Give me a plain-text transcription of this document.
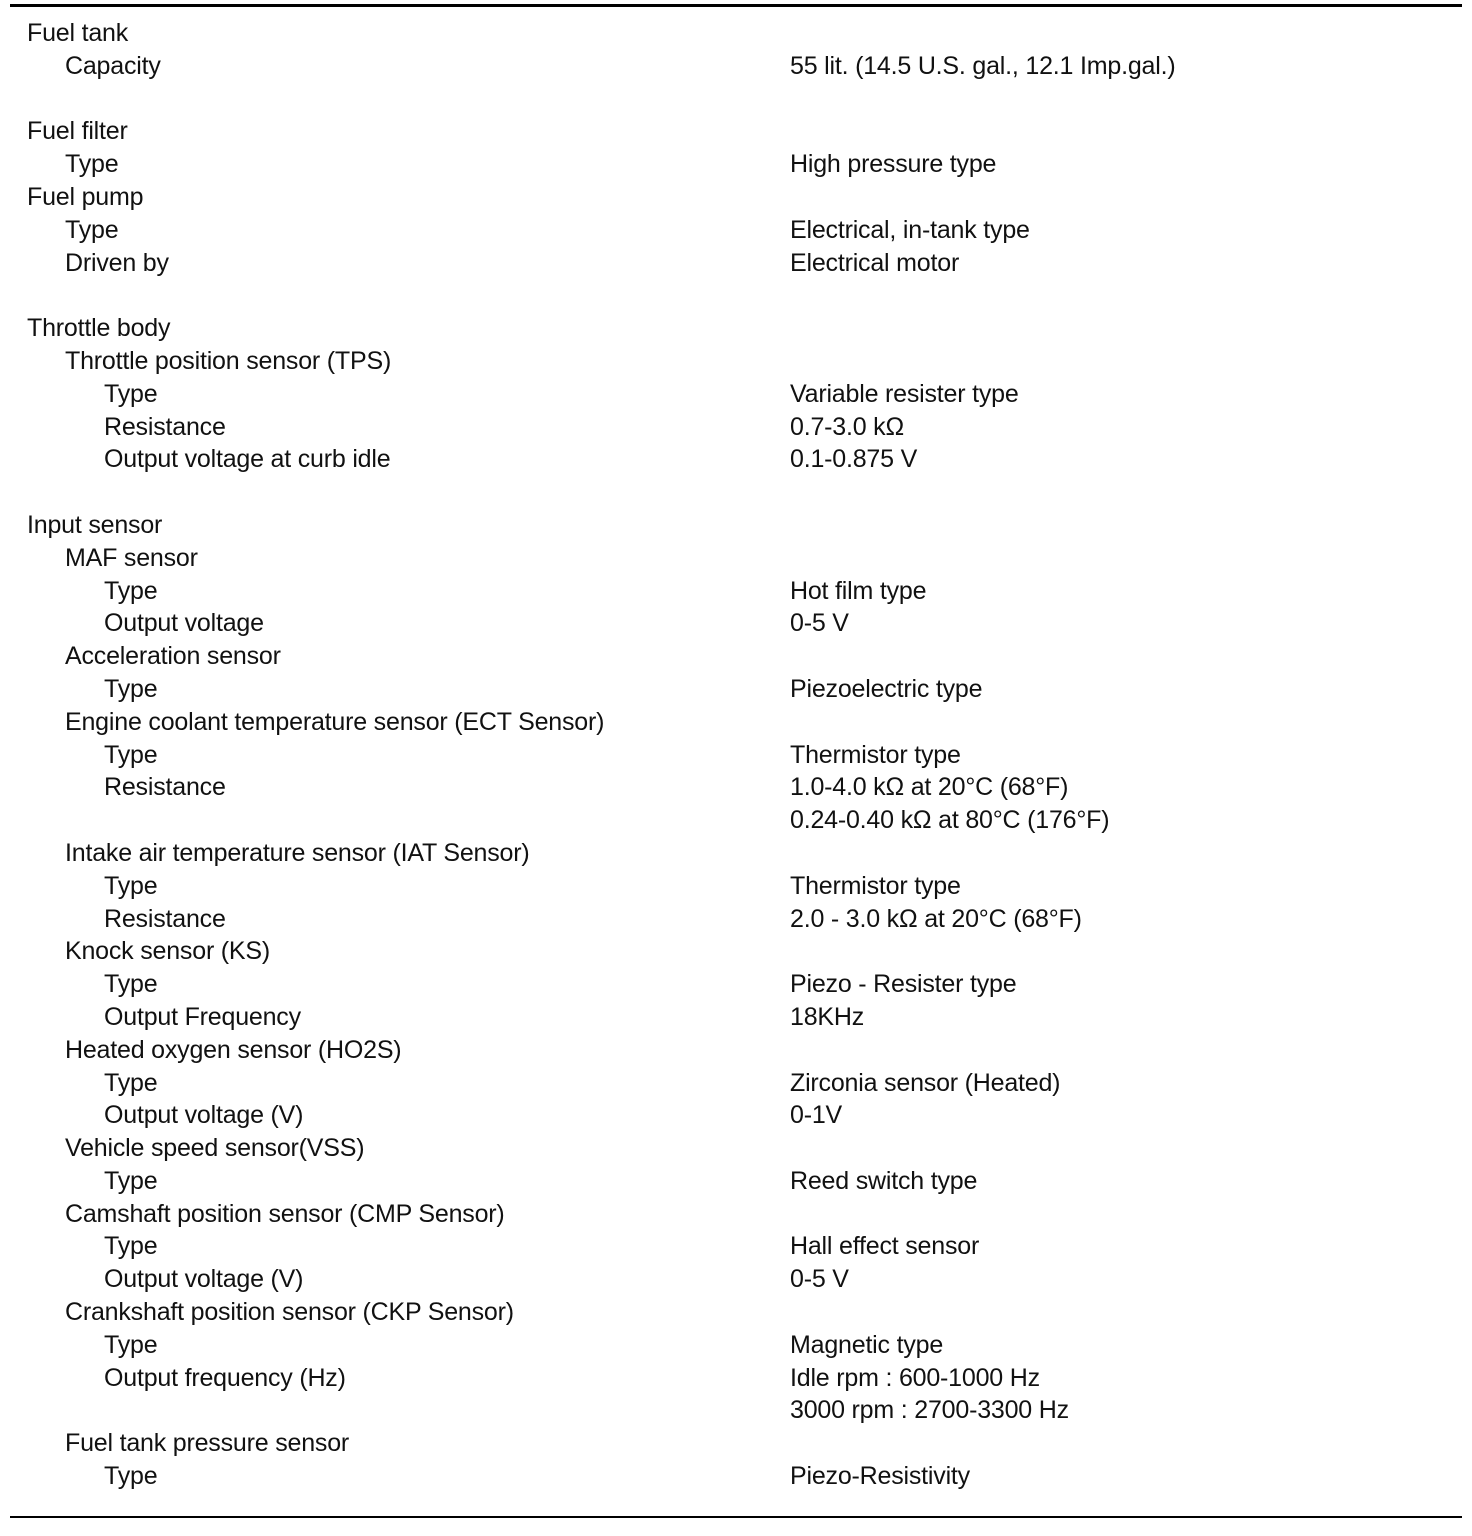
Fuel tank
Capacity	55 lit. (14.5 U.S. gal., 12.1 Imp.gal.)
Fuel filter
Type	High pressure type
Fuel pump
Type	Electrical, in-tank type
Driven by	Electrical motor
Throttle body
Throttle position sensor (TPS)
Type	Variable resister type
Resistance	0.7-3.0 kΩ
Output voltage at curb idle	0.1-0.875 V
Input sensor
MAF sensor
Type	Hot film type
Output voltage	0-5 V
Acceleration sensor
Type	Piezoelectric type
Engine coolant temperature sensor (ECT Sensor)
Type	Thermistor type
Resistance	1.0-4.0 kΩ at 20°C (68°F)
0.24-0.40 kΩ at 80°C (176°F)
Intake air temperature sensor (IAT Sensor)
Type	Thermistor type
Resistance	2.0 - 3.0 kΩ at 20°C (68°F)
Knock sensor (KS)
Type	Piezo - Resister type
Output Frequency	18KHz
Heated oxygen sensor (HO2S)
Type	Zirconia sensor (Heated)
Output voltage (V)	0-1V
Vehicle speed sensor(VSS)
Type	Reed switch type
Camshaft position sensor (CMP Sensor)
Type	Hall effect sensor
Output voltage (V)	0-5 V
Crankshaft position sensor (CKP Sensor)
Type	Magnetic type
Output frequency (Hz)	Idle rpm : 600-1000 Hz
3000 rpm : 2700-3300 Hz
Fuel tank pressure sensor
Type	Piezo-Resistivity
